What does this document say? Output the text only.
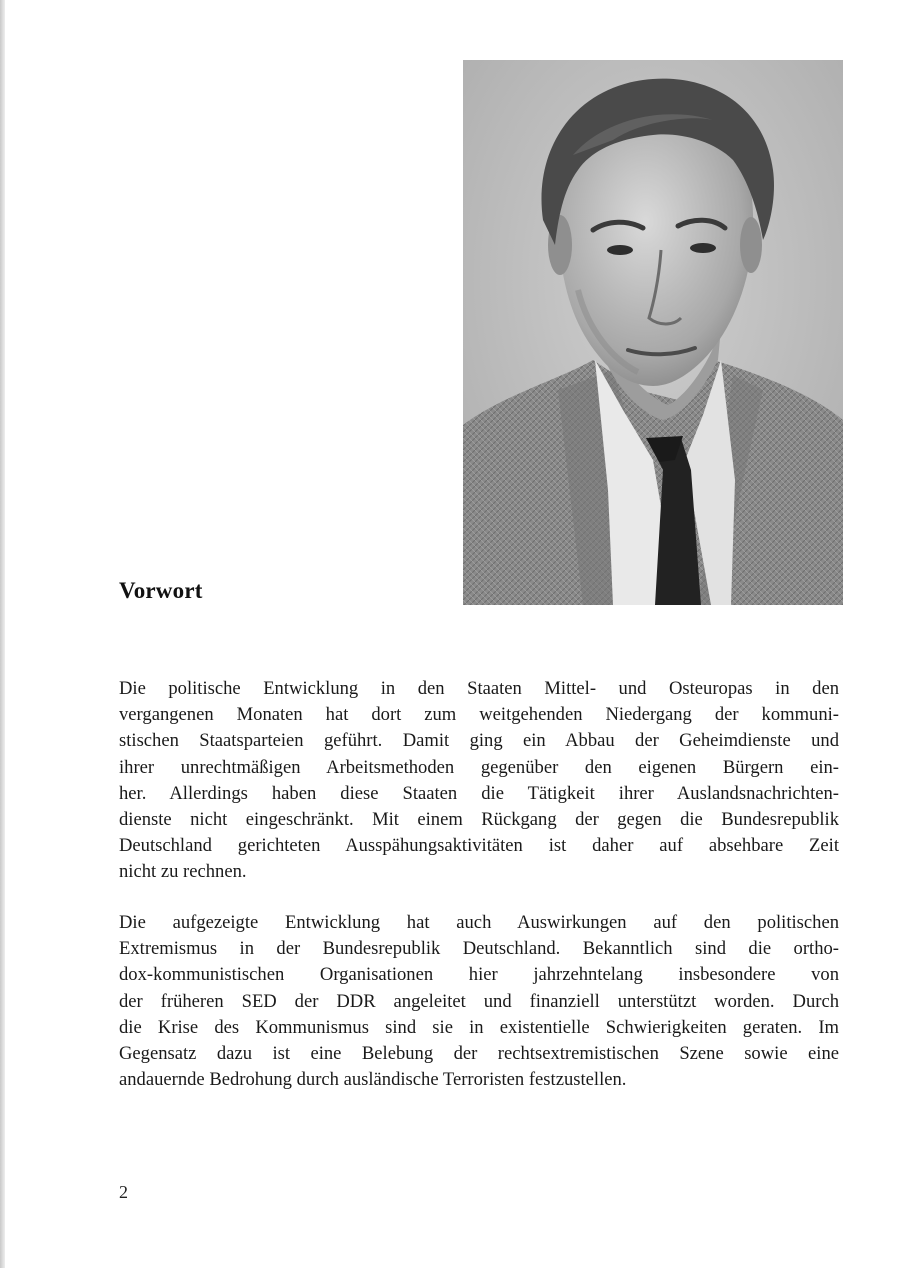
Vorwort
Die politische Entwicklung in den Staaten Mittel- und Osteuropas in den
vergangenen Monaten hat dort zum weitgehenden Niedergang der kommuni-
stischen Staatsparteien geführt. Damit ging ein Abbau der Geheimdienste und
ihrer unrechtmäßigen Arbeitsmethoden gegenüber den eigenen Bürgern ein-
her. Allerdings haben diese Staaten die Tätigkeit ihrer Auslandsnachrichten-
dienste nicht eingeschränkt. Mit einem Rückgang der gegen die Bundesrepublik
Deutschland gerichteten Ausspähungsaktivitäten ist daher auf absehbare Zeit
nicht zu rechnen.
Die aufgezeigte Entwicklung hat auch Auswirkungen auf den politischen
Extremismus in der Bundesrepublik Deutschland. Bekanntlich sind die ortho-
dox-kommunistischen Organisationen hier jahrzehntelang insbesondere von
der früheren SED der DDR angeleitet und finanziell unterstützt worden. Durch
die Krise des Kommunismus sind sie in existentielle Schwierigkeiten geraten. Im
Gegensatz dazu ist eine Belebung der rechtsextremistischen Szene sowie eine
andauernde Bedrohung durch ausländische Terroristen festzustellen.

2
